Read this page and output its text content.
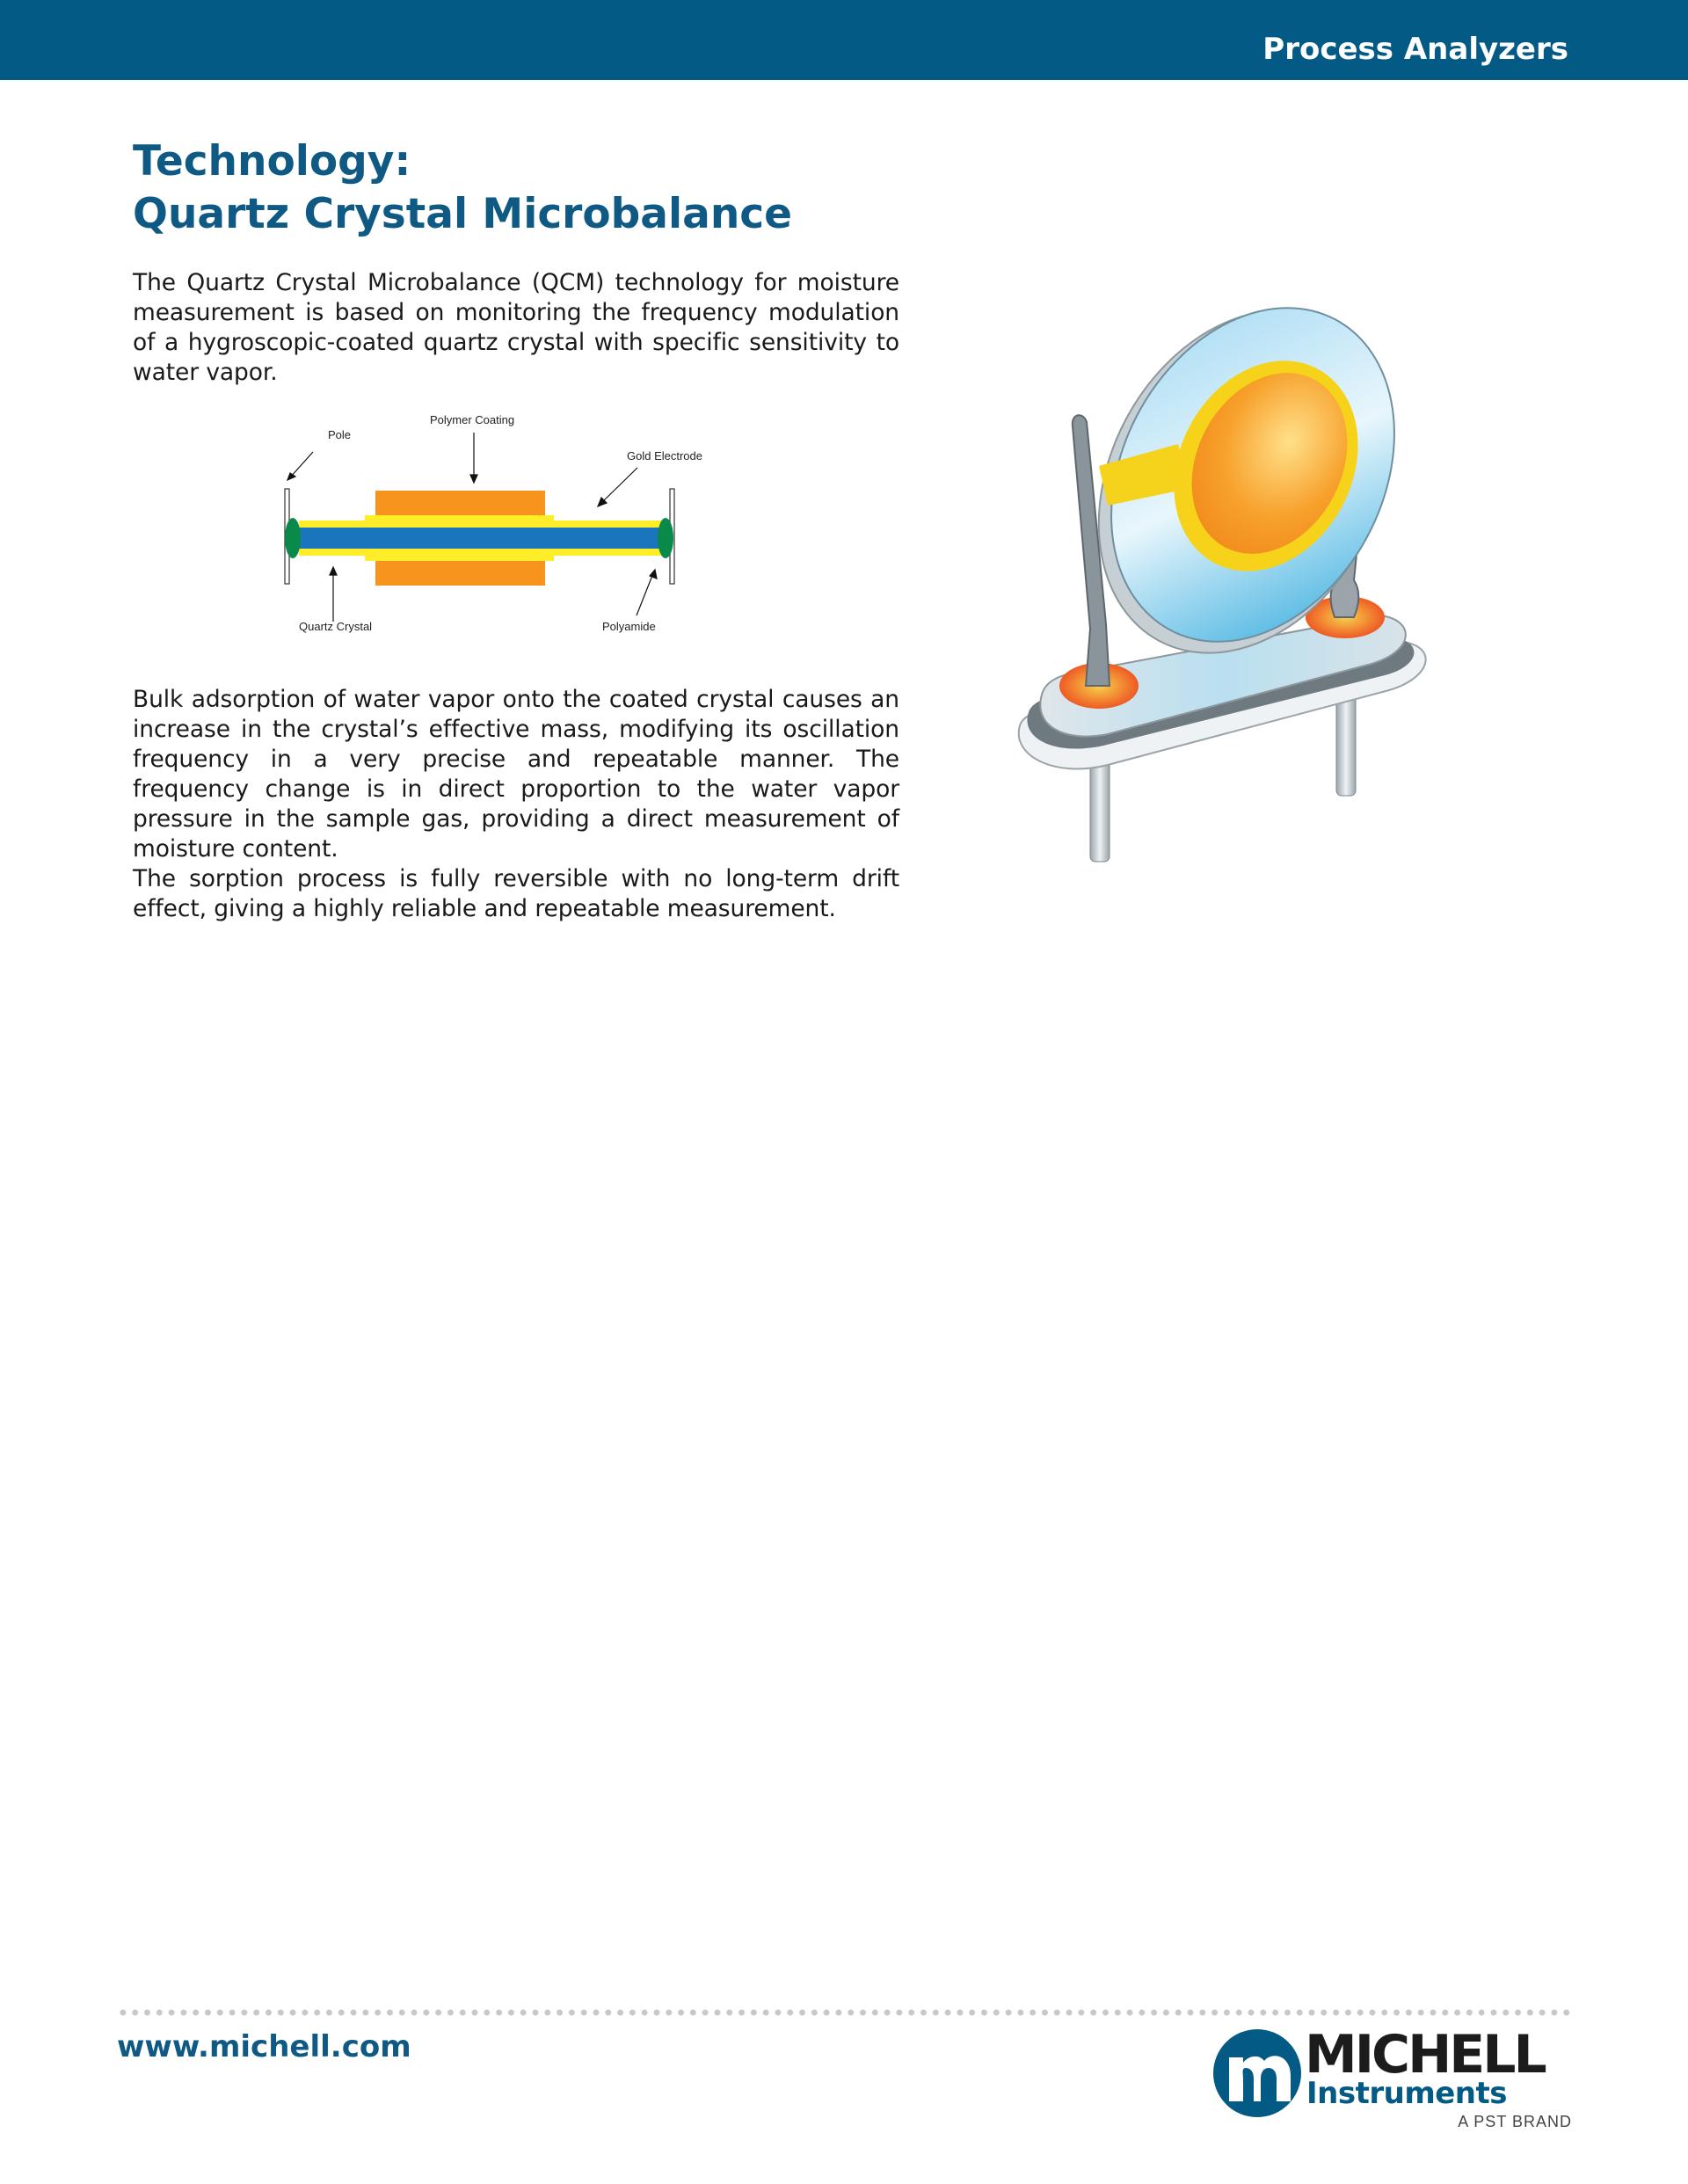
Process Analyzers
Technology:
Quartz Crystal Microbalance

The Quartz Crystal Microbalance (QCM) technology for moisture measurement is based on monitoring the frequency modulation of a hygroscopic-coated quartz crystal with specific sensitivity to water vapor.

Polymer Coating
Pole
Gold Electrode
Quartz Crystal	Polyamide

Bulk adsorption of water vapor onto the coated crystal causes an increase in the crystal’s effective mass, modifying its oscillation frequency in a very precise and repeatable manner. The frequency change is in direct proportion to the water vapor pressure in the sample gas, providing a direct measurement of moisture content.

The sorption process is fully reversible with no long-term drift effect, giving a highly reliable and repeatable measurement.

www.michell.com	MICHELL
Instruments
A PST BRAND
